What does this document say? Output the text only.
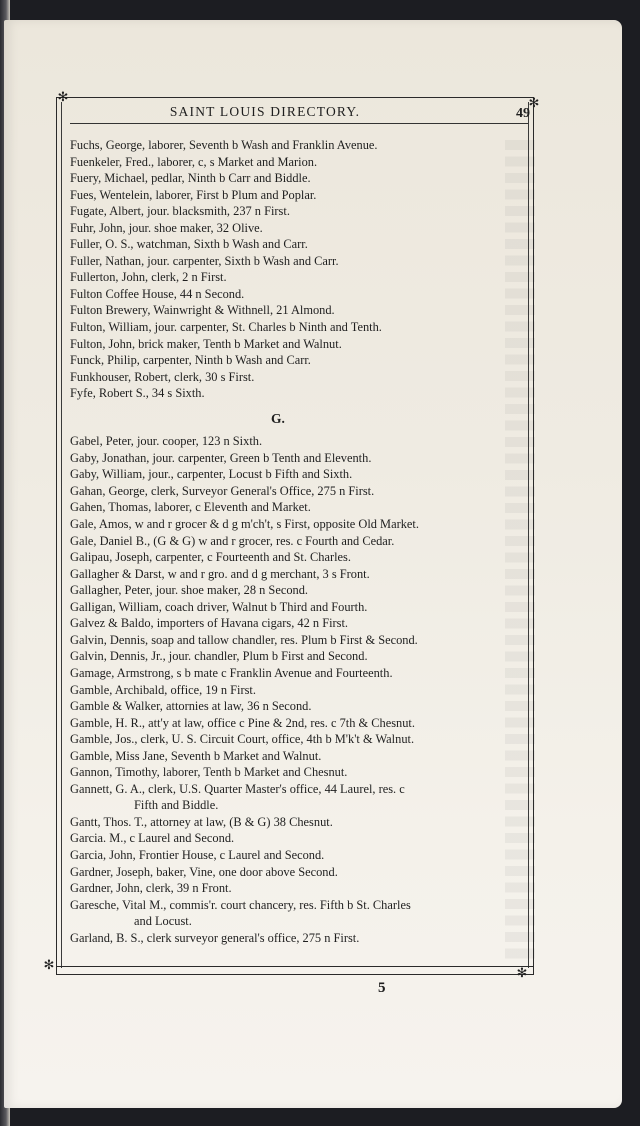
✻	✻
✻
✻
SAINT LOUIS DIRECTORY.	49
Fuchs, George, laborer, Seventh b Wash and Franklin Avenue.
Fuenkeler, Fred., laborer, c, s Market and Marion.
Fuery, Michael, pedlar, Ninth b Carr and Biddle.
Fues, Wentelein, laborer, First b Plum and Poplar.
Fugate, Albert, jour. blacksmith, 237 n First.
Fuhr, John, jour. shoe maker, 32 Olive.
Fuller, O. S., watchman, Sixth b Wash and Carr.
Fuller, Nathan, jour. carpenter, Sixth b Wash and Carr.
Fullerton, John, clerk, 2 n First.
Fulton Coffee House, 44 n Second.
Fulton Brewery, Wainwright & Withnell, 21 Almond.
Fulton, William, jour. carpenter, St. Charles b Ninth and Tenth.
Fulton, John, brick maker, Tenth b Market and Walnut.
Funck, Philip, carpenter, Ninth b Wash and Carr.
Funkhouser, Robert, clerk, 30 s First.
Fyfe, Robert S., 34 s Sixth.
G.
Gabel, Peter, jour. cooper, 123 n Sixth.
Gaby, Jonathan, jour. carpenter, Green b Tenth and Eleventh.
Gaby, William, jour., carpenter, Locust b Fifth and Sixth.
Gahan, George, clerk, Surveyor General's Office, 275 n First.
Gahen, Thomas, laborer, c Eleventh and Market.
Gale, Amos, w and r grocer & d g m'ch't, s First, opposite Old Market.
Gale, Daniel B., (G & G) w and r grocer, res. c Fourth and Cedar.
Galipau, Joseph, carpenter, c Fourteenth and St. Charles.
Gallagher & Darst, w and r gro. and d g merchant, 3 s Front.
Gallagher, Peter, jour. shoe maker, 28 n Second.
Galligan, William, coach driver, Walnut b Third and Fourth.
Galvez & Baldo, importers of Havana cigars, 42 n First.
Galvin, Dennis, soap and tallow chandler, res. Plum b First & Second.
Galvin, Dennis, Jr., jour. chandler, Plum b First and Second.
Gamage, Armstrong, s b mate c Franklin Avenue and Fourteenth.
Gamble, Archibald, office, 19 n First.
Gamble & Walker, attornies at law, 36 n Second.
Gamble, H. R., att'y at law, office c Pine & 2nd, res. c 7th & Chesnut.
Gamble, Jos., clerk, U. S. Circuit Court, office, 4th b M'k't & Walnut.
Gamble, Miss Jane, Seventh b Market and Walnut.
Gannon, Timothy, laborer, Tenth b Market and Chesnut.
Gannett, G. A., clerk, U.S. Quarter Master's office, 44 Laurel, res. c
Fifth and Biddle.
Gantt, Thos. T., attorney at law, (B & G) 38 Chesnut.
Garcia. M., c Laurel and Second.
Garcia, John, Frontier House, c Laurel and Second.
Gardner, Joseph, baker, Vine, one door above Second.
Gardner, John, clerk, 39 n Front.
Garesche, Vital M., commis'r. court chancery, res. Fifth b St. Charles
and Locust.
Garland, B. S., clerk surveyor general's office, 275 n First.
5
